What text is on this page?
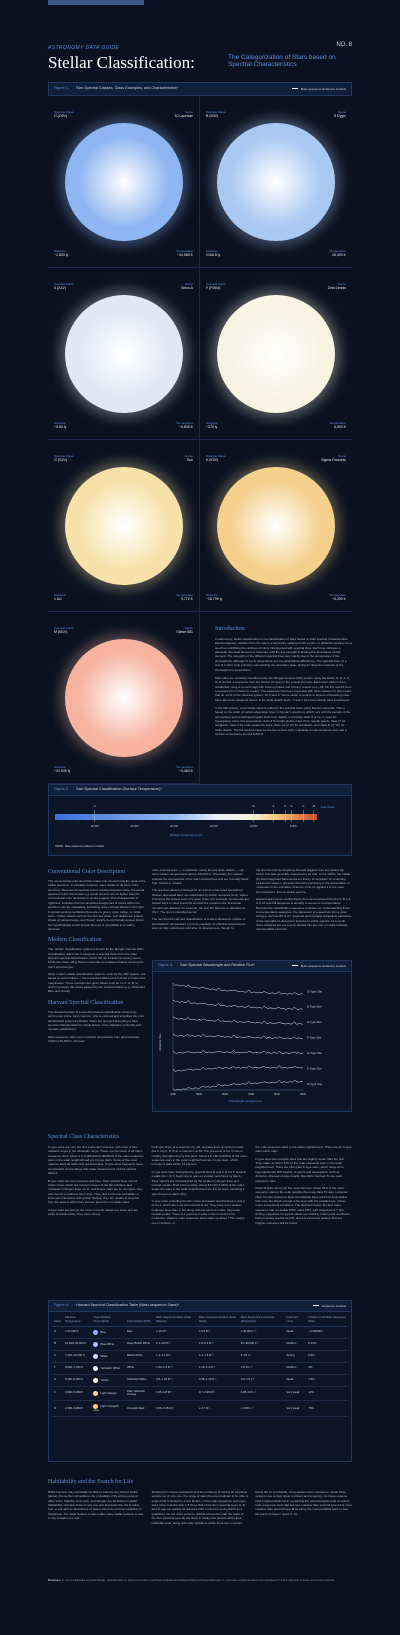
ASTRONOMY DATA GUIDE	NO. 8
Stellar Classification:	The Categorization of Stars based on Spectral Characteristics
Figure 1. Star Spectral Classes, Class Examples, and Characteristics*	Main-sequence Hottest to Coolest
Spectral Class
O (O9V)
Name
10 Lacertae
Distance
~1,800 ly
Temperature
~34,580 K
Spectral Class
B (B3V)
Name
8 Cygni
Distance
2166.5 ly
Temperature
18,000 K
Spectral Class
A (A1V)
Name
Sirius A
Distance
~8.60 ly
Temperature
~9,845 K
Spectral Class
F (F0IIIa)
Name
Zeta Leonis
Distance
~274 ly
Temperature
6,900 K
Spectral Class
G (G2V)
Name
Sun
Distance
1 AU
Temperature
5,772 K
Spectral Class
K (K0V)
Name
Sigma Draconis
Distance
~18.799 ly
Temperature
~5,200 K
Spectral Class
M (M1V)
Name
Gliese 581
Distance
~20.545 ly
Temperature
~3,484 K
Introduction

In astronomy, stellar classification is the classification of stars based on their spectral characteristics. Electromagnetic radiation from the star is analyzed by splitting it with a prism or diffraction grating into a spectrum exhibiting the rainbow of colors interspersed with spectral lines. Each line indicates a particular chemical element or molecule, with the line strength indicating the abundance of that element. The strengths of the different spectral lines vary mainly due to the temperature of the photosphere, although in some cases there are true abundance differences. The spectral class of a star is a short code primarily summarizing the ionization state, giving an objective measure of the photosphere's temperature.

Most stars are currently classified under the Morgan-Keenan (MK) system using the letters O, B, A, F, G, K, and M, a sequence from the hottest (O type) to the coolest (M type). Each letter class is then subdivided using a numeric digit with 0 being hottest and 9 being coolest (e.g., A8, A9, F0, and F1 form a sequence from hotter to cooler). The sequence has been expanded with three classes for other stars that do not fit in the classical system: W, S and C. Some stellar remnants or objects of deviating mass have also been assigned letters: D for white dwarfs and L, T and Y for brown dwarfs (and exoplanets).

In the MK system, a luminosity class is added to the spectral class using Roman numerals. This is based on the width of certain absorption lines in the star's spectrum, which vary with the density of the atmosphere and so distinguish giant stars from dwarfs. Luminosity class 0 or Ia+ is used for hypergiants, class I for supergiants, class II for bright giants, class III for regular giants, class IV for subgiants, class V for main-sequence stars, class sd (or VI) for subdwarfs, and class D (or VII) for white dwarfs. The full spectral class for the Sun is then G2V, indicating a main-sequence star with a surface temperature around 5,800 K.

Figure 2. Star Spectral Classification (Surface Temperature)*
O	B	A	F G	K	M
30,000	25,000	20,000	15,000	10,000	5,000
Star Class
Surface Temperature (K)
Main-sequence Hottest to Coolest
Conventional Color Description

The conventional color description takes into account only the peak of the stellar spectrum. In actuality, however, stars radiate in all parts of the spectrum. Because all spectral colors combined appear white, the actual apparent colors the human eye would observe are far lighter than the conventional color descriptions would suggest. This characteristic of 'lightness' indicates that the simplified assignment of colors within the spectrum can be misleading. Excluding color-contrast effects in dim light, in typical viewing conditions there are no green, cyan, indigo, or violet stars. 'Yellow' dwarfs such as the Sun are white, 'red' dwarfs are a deep shade of yellow/orange, and 'brown' dwarfs do not literally appear brown, but hypothetically would appear dim red or grey/black to a nearby observer.

Modern Classification

The modern classification system is known as the Morgan-Keenan (MK) classification. Each star is assigned a spectral class (from the older Harvard spectral classification, which did not include luminosity) and a luminosity class using Roman numerals as explained below, forming the star's spectral type.

Other modern stellar classification systems, such as the UBV system, are based on color indices — the measured differences in three or more color magnitudes. Those numbers are given labels such as 'U−V' or 'B−V', which represent the colors passed by two standard filters (e.g. Ultraviolet, Blue and Visual).

Harvard Spectral Classification

The Harvard system is a one-dimensional classification scheme by astronomer Annie Jump Cannon, who re-ordered and simplified the prior alphabetical system by Draper. Stars are grouped according to their spectral characteristics by single letters of the alphabet, optionally with numeric subdivisions.

Main-sequence stars vary in surface temperature from approximately 2,000 to 50,000 K, whereas

more-evolved stars — in particular, newly formed white dwarfs — can have surface temperatures above 100,000 K. Physically, the classes indicate the temperature of the star's atmosphere and are normally listed from hottest to coldest.

The spectral classes O through M, as well as other more specialized classes discussed later, are subdivided by Arabic numerals (0–9), where 0 denotes the hottest stars of a given class. For example, A0 denotes the hottest stars in class A and A9 denotes the coolest ones. Fractional numbers are allowed; for example, the star Mu Normae is classified as O9.7. The Sun is classified as G2.

The fact that the Harvard classification of a star indicated its surface or photospheric temperature (or more precisely, its effective temperature) was not fully understood until after its development, though by

the time the first Hertzsprung–Russell diagram was formulated (by 1914), this was generally suspected to be true. In the 1920s, the Indian physicist Meghnad Saha derived a theory of ionization by extending well-known ideas in physical chemistry pertaining to the dissociation of molecules to the ionization of atoms. First he applied it to the solar chromosphere, then to stellar spectra.

Harvard astronomer Cecilia Payne then demonstrated that the O-B-A-F-G-K-M spectral sequence is actually a sequence in temperature. Because the classification sequence predates our understanding that it is a temperature sequence, the placement of a spectrum into a given subtype, such as B3 or A7, depends upon (largely subjective) estimates of the strengths of absorption features in stellar spectra. As a result, these subtypes are not evenly divided into any sort of mathematically representable intervals.

Figure 3. Star Spectral Wavelength and Relative Flux*	Main-sequence Hottest to Coolest
Relative Flux
Wavelength (Angstroms)
4000	5000	6000	7000	8000	9000
O-Type Star
B-Type Star
A-Type Star
F-Type Star
G-Type Star
K-Type Star
M-Type Star
Spectral Class Characteristics

O-type stars are very hot and extremely luminous, with most of their radiated output in the ultraviolet range. These are the rarest of all main-sequence stars. About 1 in 3,000,000 (0.00003%) of the main-sequence stars in the solar neighborhood are O-type stars. Some of the most massive stars lie within this spectral class. O-type stars frequently have complicated surroundings that make measurement of their spectra difficult.

B-type stars are very luminous and blue. Their spectra have neutral helium lines, which are most prominent at the B2 subclass, and moderate hydrogen lines. As O- and B-type stars are so energetic, they only live for a relatively short time. Thus, due to the low probability of kinematic interaction during their lifetime, they are unable to stray far from the area in which they formed, apart from runaway stars.

A-type stars are among the more common naked eye stars, and are white or bluish-white. They have strong

hydrogen lines, at a maximum by A0, and also lines of ionized metals (Fe II, Mg II, Si II) at a maximum at A5. The presence of Ca II lines is notably strengthening by this point. About 1 in 160 (0.625%) of the main-sequence stars in the solar neighborhood are A-type stars, which includes 9 stars within 15 parsecs.

F-type stars have strengthening spectral lines H and K of Ca II. Neutral metals (Fe I, Cr I) beginning to gain on ionized metal lines by late F. Their spectra are characterized by the weaker hydrogen lines and ionized metals. Their color is white. About 1 in 33 (3.03%) of the main-sequence stars in the solar neighborhood are F-type stars, including 1 star Procyon A within 20 ly.

G-type stars, including the Sun, have prominent spectral lines H and K of Ca II, which are most pronounced at G2. They have even weaker hydrogen lines than F, but along with the ionized metals, they have neutral metals. There is a prominent spike in the G band of CN molecules. Class G main-sequence stars make up about 7.5%, nearly one in thirteen, of

the main-sequence stars in the solar neighborhood. There are 21 G-type stars within 10pc.

K-type stars are orangish stars that are slightly cooler than the Sun. They make up about 12% of the main-sequence stars in the solar neighborhood. There are also giant K-type stars, which range from hypergiants like RW Cephei, to giants and supergiants, such as Arcturus, whereas orange dwarfs, like Alpha Centauri B, are main-sequence stars.

Class M stars are by far the most common. About 76% of the main-sequence stars in the solar neighborhood are class M stars. However, class M main-sequence stars (red dwarfs) have such low luminosities that none are bright enough to be seen with the unaided eye, unless under exceptional conditions. The brightest known M-class main-sequence star is Lacaille 8760, class M0V, with magnitude 6.7 (the limiting magnitude for typical naked-eye visibility under good conditions being typically quoted as 6.5), and it is extremely unlikely that any brighter examples will be found.

Figure 4. Harvard Spectral Classification Table (Main-sequence Stars)*	Hottest to Coolest
Class	Effective Temperature	Vega-Relative Chromaticity	Chromaticity (D65)	Main-Sequence Mass (Solar Masses)	Main-Sequence Radius (Solar Radii)	Main-Sequence Luminosity (Bolometric)	Hydrogen Lines	Fraction of All Main-Sequence Stars
O	≥ 33,000 K	Blue	Blue	≥ 16 M☉	≥ 6.6 R☉	≥ 30,000 L☉	Weak	~0.00003%
B	10,000–33,000 K	Blue-White	Deep Bluish White	2.1–16 M☉	1.8–6.6 R☉	25–30,000 L☉	Medium	0.13%
A	7,300–10,000 K	White	Bluish White	1.4–2.1 M☉	1.4–1.8 R☉	5–25 L☉	Strong	0.6%
F	6,000–7,300 K	Yellowish White	White	1.04–1.4 M☉	1.15–1.4 R☉	1.5–5 L☉	Medium	3%
G	5,300–6,000 K	Yellow	Yellowish White	0.8–1.04 M☉	0.96–1.15 R☉	0.6–1.5 L☉	Weak	7.6%
K	3,900–5,300 K	Light Orange	Pale Yellowish Orange	0.45–0.8 M☉	0.7–0.96 R☉	0.08–0.6 L☉	Very weak	12%
M	2,300–3,900 K	Light Orangish Red	Orangish Red	0.08–0.45 M☉	≤ 0.7 R☉	≤ 0.08 L☉	Very weak	76%
Habitability and the Search for Life

While humans may eventually be able to colonize any kind of stellar habitat, this section will address the probability of life arising around other stars. Stability, luminosity, and lifespan are all factors in stellar habitability. Humans know of only one star that hosts life, the G-class Sun, a star with an abundance of heavy elements and low variability in brightness. The Solar System is also unlike many stellar systems in that it only contains one star.

Working from these constraints and the problems of having an empirical sample set of only one, the range of stars that are predicted to be able to support life is limited by a few factors. Of the main-sequence star types, stars more massive than 1.5 times that of the Sun (spectral types O, B, and A) age too quickly for advanced life to develop (using Earth as a guideline). On the other extreme, dwarfs of less than half the mass of the Sun (spectral type M) are likely to tidally lock planets within their habitable zone, along with other problems (while there are no known

facing life on red dwarfs, many astronomers continue to model these systems due to their sheer numbers and longevity). As these reasons held a higher likelihood in supporting life, astrobiologists tend to search main-sequence stars that are less massive than spectral type A but more massive than spectral type M as being the most probable stars to host life (each of class F types G, K).

Sources: 1. en.m.wikipedia.org/wiki/Stellar_classification 2. skyserver.sdss.org/dr1/en/proj/advanced/spectraltypes/lineprofiles.asp 3. openstax.org/books/astronomy/pages/17-3-the-spectra-of-stars-and-brown-dwarfs
